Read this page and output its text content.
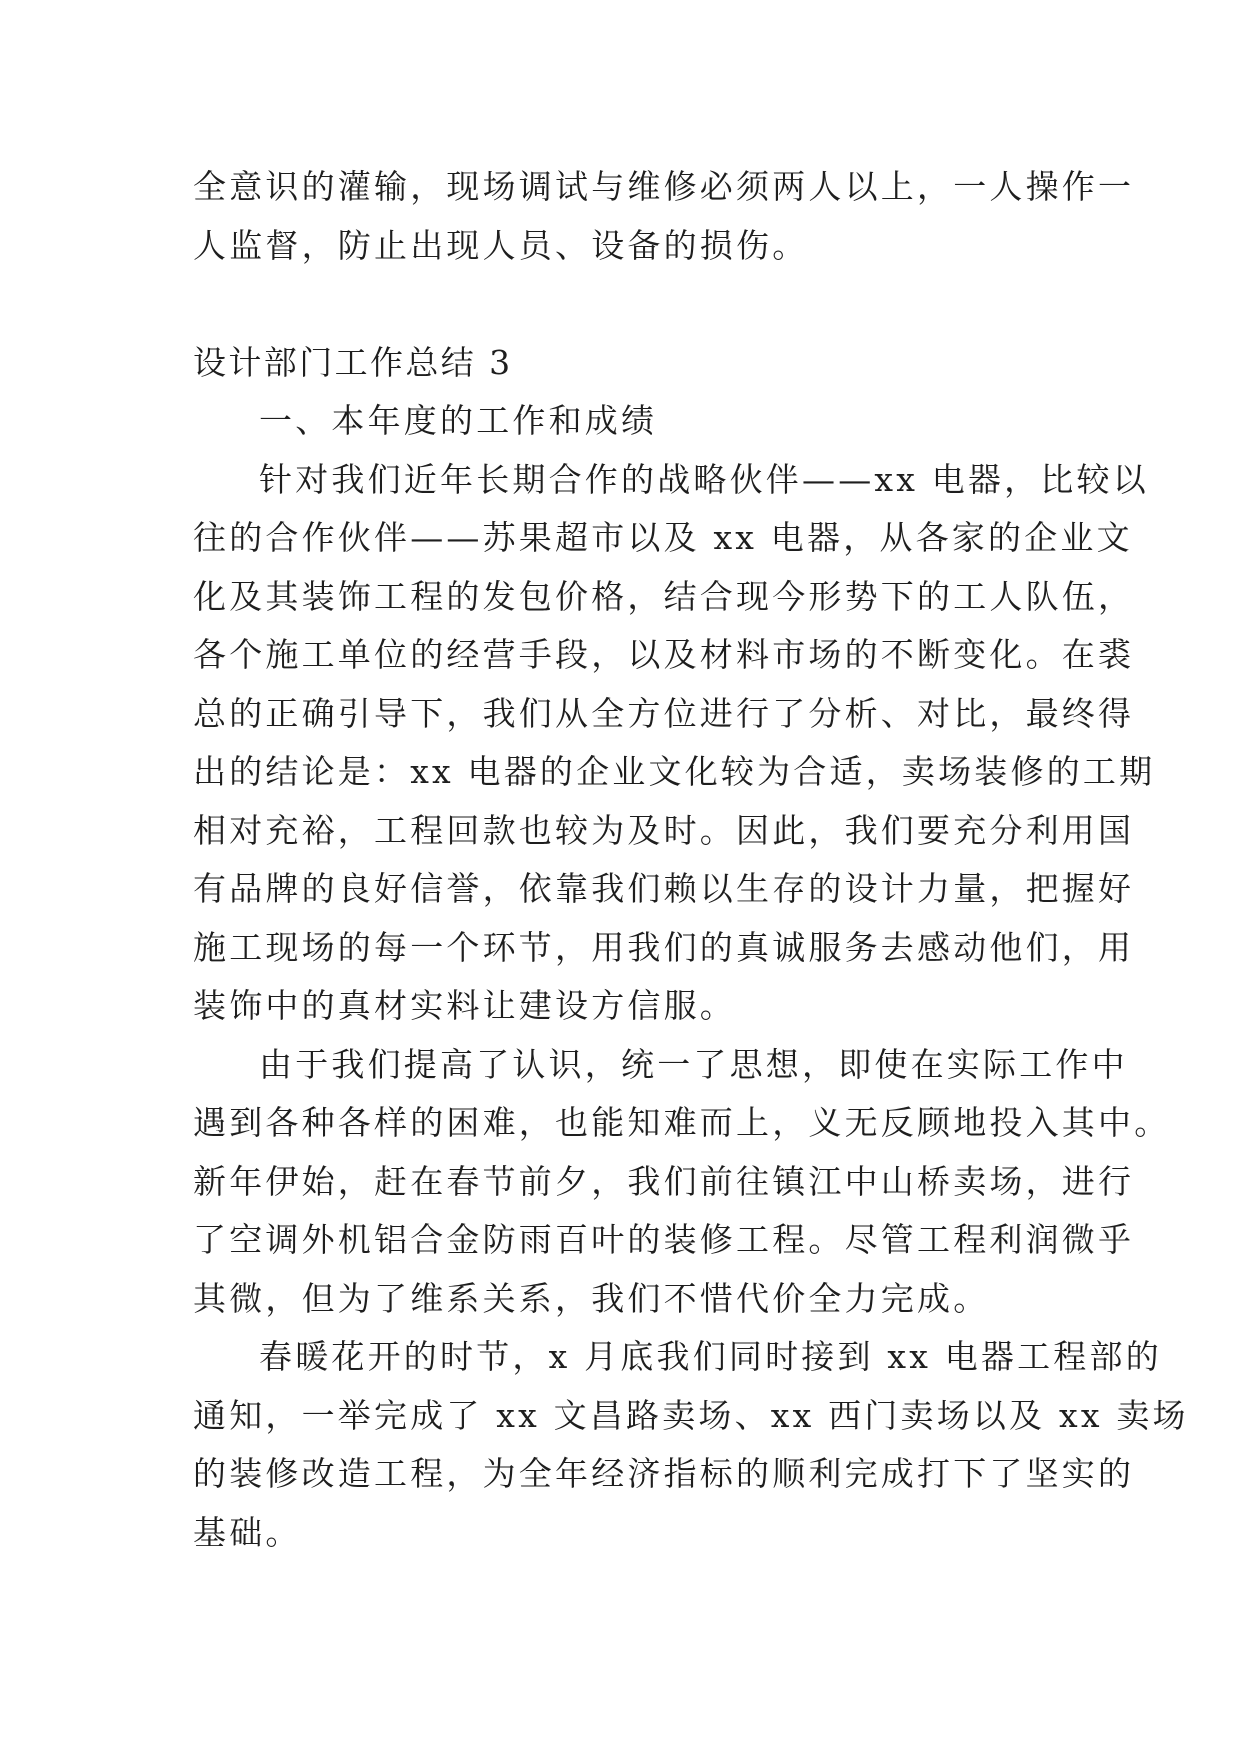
全意识的灌输，现场调试与维修必须两人以上，一人操作一
人监督，防止出现人员、设备的损伤。
设计部门工作总结 3
一、本年度的工作和成绩
针对我们近年长期合作的战略伙伴——xx 电器，比较以
往的合作伙伴——苏果超市以及 xx 电器，从各家的企业文
化及其装饰工程的发包价格，结合现今形势下的工人队伍，
各个施工单位的经营手段，以及材料市场的不断变化。在裘
总的正确引导下，我们从全方位进行了分析、对比，最终得
出的结论是：xx 电器的企业文化较为合适，卖场装修的工期
相对充裕，工程回款也较为及时。因此，我们要充分利用国
有品牌的良好信誉，依靠我们赖以生存的设计力量，把握好
施工现场的每一个环节，用我们的真诚服务去感动他们，用
装饰中的真材实料让建设方信服。
由于我们提高了认识，统一了思想，即使在实际工作中
遇到各种各样的困难，也能知难而上，义无反顾地投入其中。
新年伊始，赶在春节前夕，我们前往镇江中山桥卖场，进行
了空调外机铝合金防雨百叶的装修工程。尽管工程利润微乎
其微，但为了维系关系，我们不惜代价全力完成。
春暖花开的时节，x 月底我们同时接到 xx 电器工程部的
通知，一举完成了 xx 文昌路卖场、xx 西门卖场以及 xx 卖场
的装修改造工程，为全年经济指标的顺利完成打下了坚实的
基础。
